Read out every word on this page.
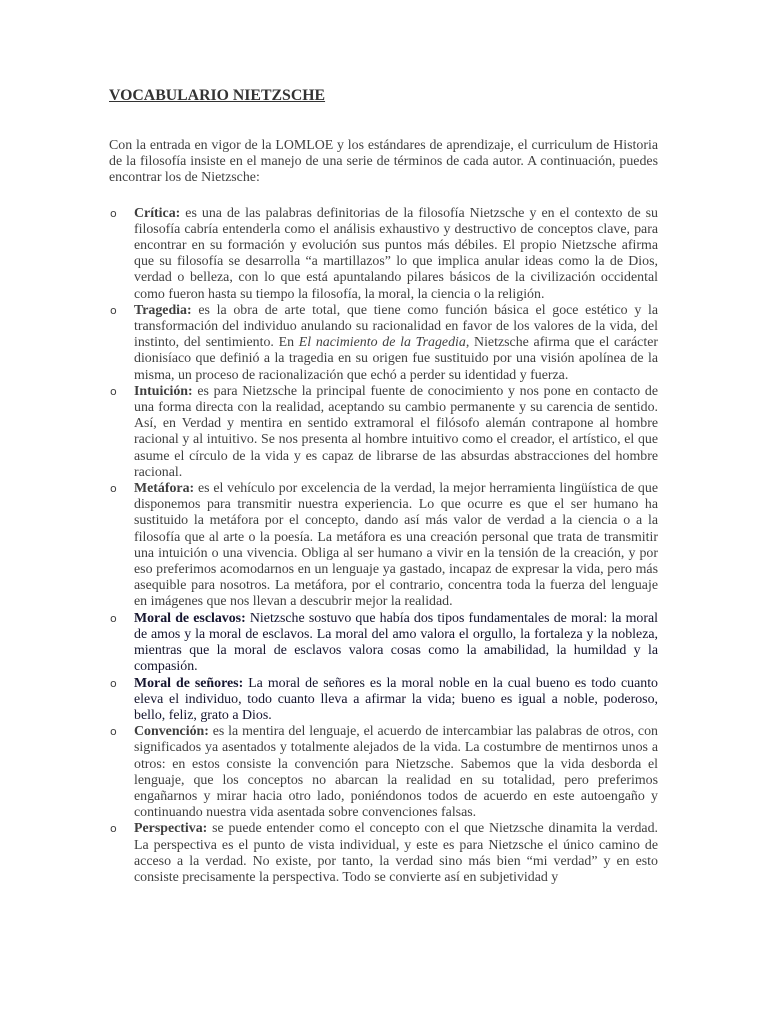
VOCABULARIO NIETZSCHE

Con la entrada en vigor de la LOMLOE y los estándares de aprendizaje, el curriculum de Historia de la filosofía insiste en el manejo de una serie de términos de cada autor. A continuación, puedes encontrar los de Nietzsche:

o Crítica: es una de las palabras definitorias de la filosofía Nietzsche y en el contexto de su filosofía cabría entenderla como el análisis exhaustivo y destructivo de conceptos clave, para encontrar en su formación y evolución sus puntos más débiles. El propio Nietzsche afirma que su filosofía se desarrolla “a martillazos” lo que implica anular ideas como la de Dios, verdad o belleza, con lo que está apuntalando pilares básicos de la civilización occidental como fueron hasta su tiempo la filosofía, la moral, la ciencia o la religión.
o Tragedia: es la obra de arte total, que tiene como función básica el goce estético y la transformación del individuo anulando su racionalidad en favor de los valores de la vida, del instinto, del sentimiento. En El nacimiento de la Tragedia, Nietzsche afirma que el carácter dionisíaco que definió a la tragedia en su origen fue sustituido por una visión apolínea de la misma, un proceso de racionalización que echó a perder su identidad y fuerza.
o Intuición: es para Nietzsche la principal fuente de conocimiento y nos pone en contacto de una forma directa con la realidad, aceptando su cambio permanente y su carencia de sentido. Así, en Verdad y mentira en sentido extramoral el filósofo alemán contrapone al hombre racional y al intuitivo. Se nos presenta al hombre intuitivo como el creador, el artístico, el que asume el círculo de la vida y es capaz de librarse de las absurdas abstracciones del hombre racional.
o Metáfora: es el vehículo por excelencia de la verdad, la mejor herramienta lingüística de que disponemos para transmitir nuestra experiencia. Lo que ocurre es que el ser humano ha sustituido la metáfora por el concepto, dando así más valor de verdad a la ciencia o a la filosofía que al arte o la poesía. La metáfora es una creación personal que trata de transmitir una intuición o una vivencia. Obliga al ser humano a vivir en la tensión de la creación, y por eso preferimos acomodarnos en un lenguaje ya gastado, incapaz de expresar la vida, pero más asequible para nosotros. La metáfora, por el contrario, concentra toda la fuerza del lenguaje en imágenes que nos llevan a descubrir mejor la realidad.
o Moral de esclavos: Nietzsche sostuvo que había dos tipos fundamentales de moral: la moral de amos y la moral de esclavos. La moral del amo valora el orgullo, la fortaleza y la nobleza, mientras que la moral de esclavos valora cosas como la amabilidad, la humildad y la compasión.
o Moral de señores: La moral de señores es la moral noble en la cual bueno es todo cuanto eleva el individuo, todo cuanto lleva a afirmar la vida; bueno es igual a noble, poderoso, bello, feliz, grato a Dios.
o Convención: es la mentira del lenguaje, el acuerdo de intercambiar las palabras de otros, con significados ya asentados y totalmente alejados de la vida. La costumbre de mentirnos unos a otros: en estos consiste la convención para Nietzsche. Sabemos que la vida desborda el lenguaje, que los conceptos no abarcan la realidad en su totalidad, pero preferimos engañarnos y mirar hacia otro lado, poniéndonos todos de acuerdo en este autoengaño y continuando nuestra vida asentada sobre convenciones falsas.
o Perspectiva: se puede entender como el concepto con el que Nietzsche dinamita la verdad. La perspectiva es el punto de vista individual, y este es para Nietzsche el único camino de acceso a la verdad. No existe, por tanto, la verdad sino más bien “mi verdad” y en esto consiste precisamente la perspectiva. Todo se convierte así en subjetividad y
